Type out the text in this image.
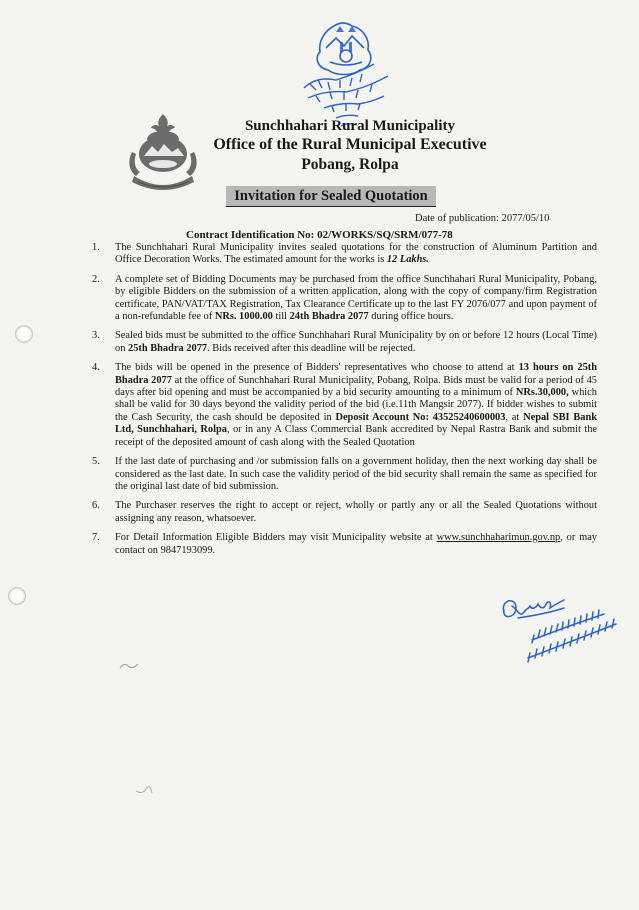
Sunchhahari Rural Municipality
Office of the Rural Municipal Executive
Pobang, Rolpa
Invitation for Sealed Quotation
Date of publication: 2077/05/10
Contract Identification No: 02/WORKS/SQ/SRM/077-78
1. The Sunchhahari Rural Municipality invites sealed quotations for the construction of Aluminum Partition and Office Decoration Works. The estimated amount for the works is 12 Lakhs.
2. A complete set of Bidding Documents may be purchased from the office Sunchhahari Rural Municipality, Pobang, by eligible Bidders on the submission of a written application, along with the copy of company/firm Registration certificate, PAN/VAT/TAX Registration, Tax Clearance Certificate up to the last FY 2076/077 and upon payment of a non-refundable fee of NRs. 1000.00 till 24th Bhadra 2077 during office hours.
3. Sealed bids must be submitted to the office Sunchhahari Rural Municipality by on or before 12 hours (Local Time) on 25th Bhadra 2077. Bids received after this deadline will be rejected.
4. The bids will be opened in the presence of Bidders' representatives who choose to attend at 13 hours on 25th Bhadra 2077 at the office of Sunchhahari Rural Municipality, Pobang, Rolpa. Bids must be valid for a period of 45 days after bid opening and must be accompanied by a bid security amounting to a minimum of NRs.30,000, which shall be valid for 30 days beyond the validity period of the bid (i.e.11th Mangsir 2077). If bidder wishes to submit the Cash Security, the cash should be deposited in Deposit Account No: 43525240600003, at Nepal SBI Bank Ltd, Sunchhahari, Rolpa, or in any A Class Commercial Bank accredited by Nepal Rastra Bank and submit the receipt of the deposited amount of cash along with the Sealed Quotation
5. If the last date of purchasing and /or submission falls on a government holiday, then the next working day shall be considered as the last date. In such case the validity period of the bid security shall remain the same as specified for the original last date of bid submission.
6. The Purchaser reserves the right to accept or reject, wholly or partly any or all the Sealed Quotations without assigning any reason, whatsoever.
7. For Detail Information Eligible Bidders may visit Municipality website at www.sunchhaharimun.gov.np, or may contact on 9847193099.
